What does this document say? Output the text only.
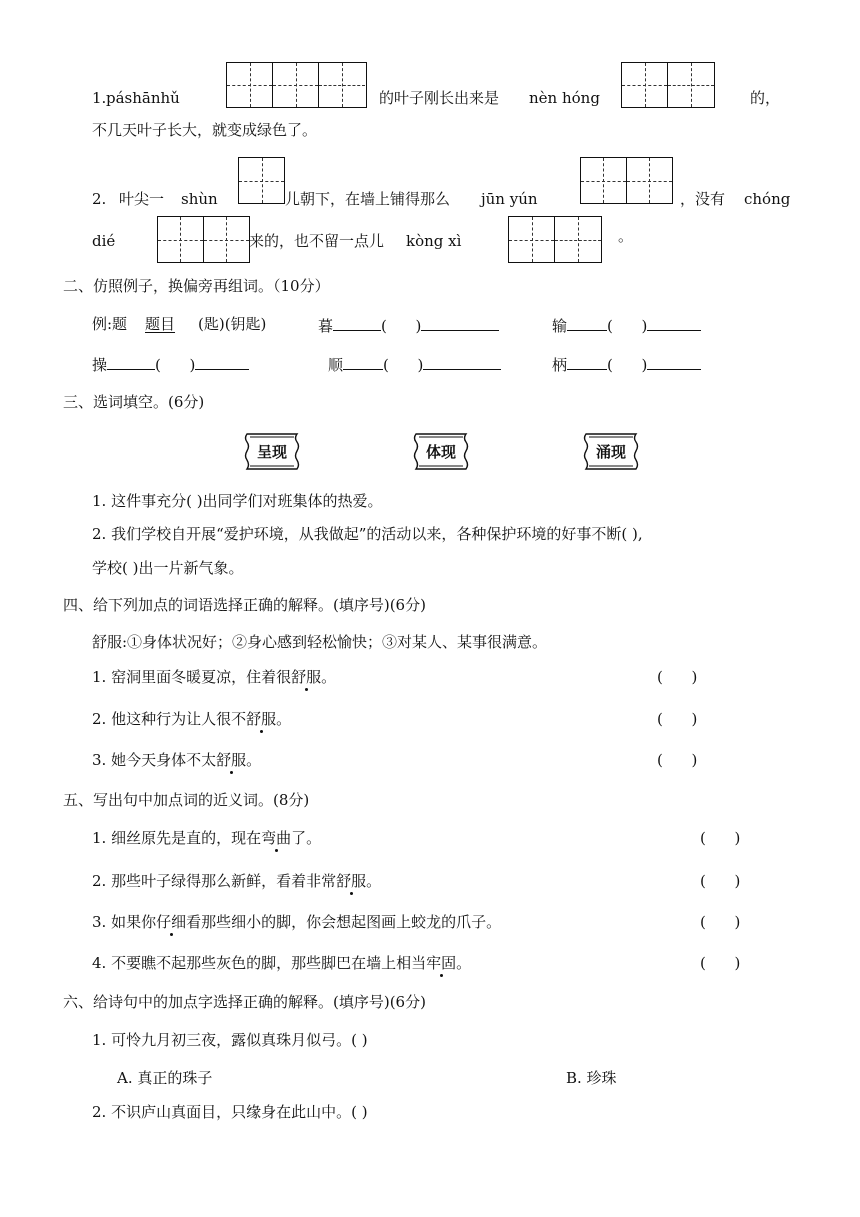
1. páshānhǔ	的叶子刚长出来是 nèn hóng	的，
不几天叶子长大，就变成绿色了。
2. 叶尖一 shùn	儿朝下，在墙上铺得那么 jūn yún	，没有 chóng
dié	来的，也不留一点儿 kòng xì	。
二、仿照例子，换偏旁再组词。（10分）
例:题 题目 (匙)(钥匙)	暮	(      )	输	(      )
操	(      )	顺	(      )	柄	(      )
三、选词填空。(6分)
呈现	体现	涌现
1. 这件事充分( )出同学们对班集体的热爱。
2. 我们学校自开展“爱护环境，从我做起”的活动以来，各种保护环境的好事不断( ),
学校( )出一片新气象。
四、给下列加点的词语选择正确的解释。(填序号)(6分)
舒服:①身体状况好；②身心感到轻松愉快；③对某人、某事很满意。
1. 窑洞里面冬暖夏凉，住着很舒服。	(      )
2. 他这种行为让人很不舒服。	(      )
3. 她今天身体不太舒服。	(      )
五、写出句中加点词的近义词。(8分)
1. 细丝原先是直的，现在弯曲了。	(      )
2. 那些叶子绿得那么新鲜，看着非常舒服。	(      )
3. 如果你仔细看那些细小的脚，你会想起图画上蛟龙的爪子。	(      )
4. 不要瞧不起那些灰色的脚，那些脚巴在墙上相当牢固。	(      )
六、给诗句中的加点字选择正确的解释。(填序号)(6分)
1. 可怜九月初三夜，露似真珠月似弓。( )
A. 真正的珠子	B. 珍珠
2. 不识庐山真面目，只缘身在此山中。( )
